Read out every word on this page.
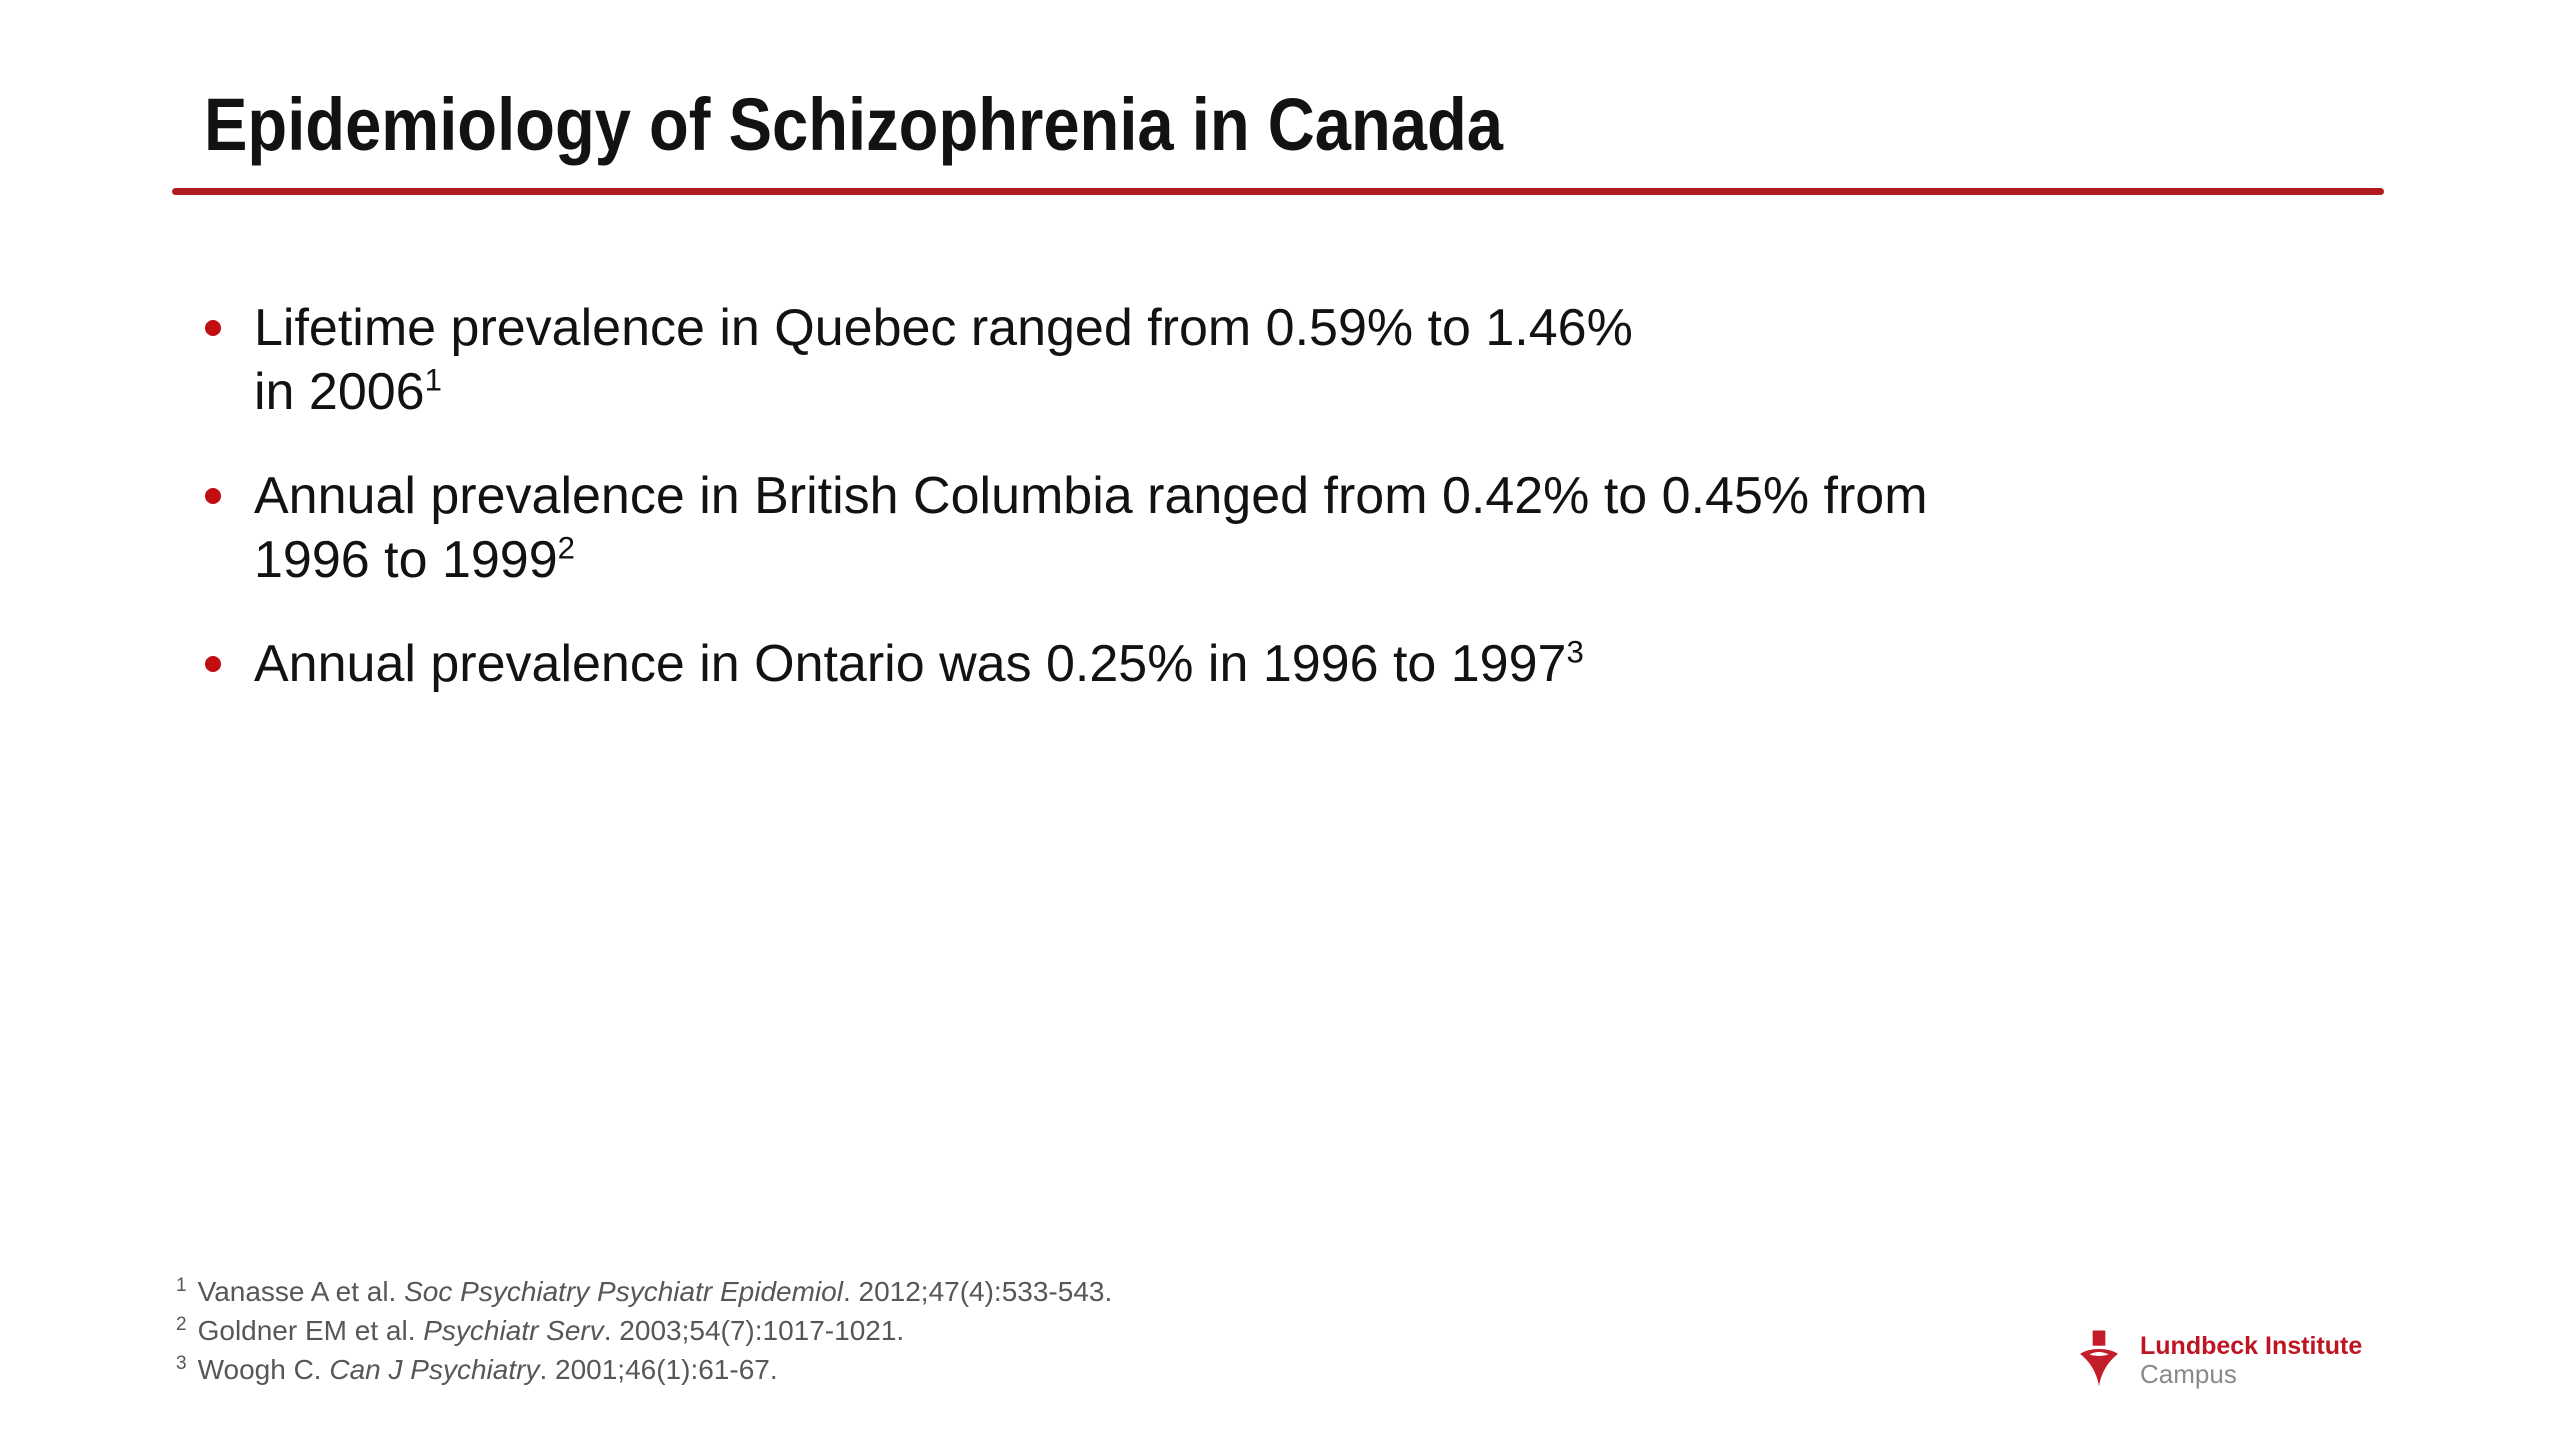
Epidemiology of Schizophrenia in Canada
Lifetime prevalence in Quebec ranged from 0.59% to 1.46%
in 2006$^1$
Annual prevalence in British Columbia ranged from 0.42% to 0.45% from
1996 to 1999$^2$
Annual prevalence in Ontario was 0.25% in 1996 to 1997$^3$

$^1$ Vanasse A et al. Soc Psychiatry Psychiatr Epidemiol. 2012;47(4):533-543.

$^2$ Goldner EM et al. Psychiatr Serv. 2003;54(7):1017-1021.

$^3$ Woogh C. Can J Psychiatry. 2001;46(1):61-67.

Lundbeck Institute
Campus
